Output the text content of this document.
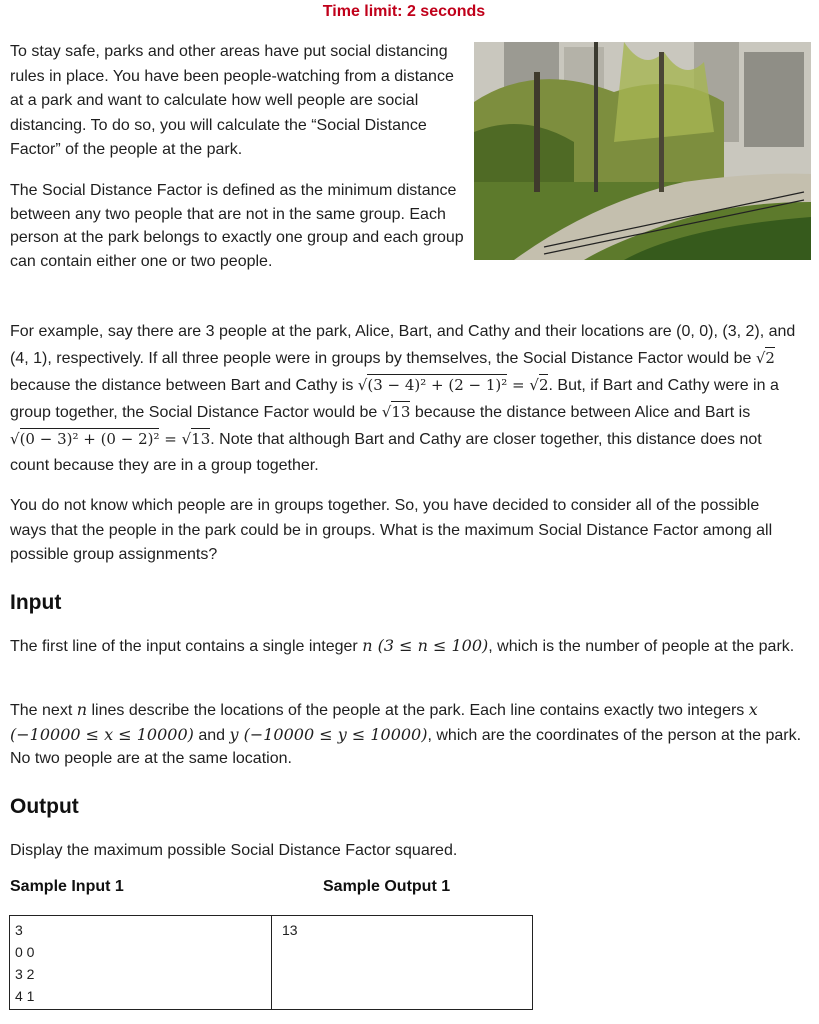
Time limit: 2 seconds

To stay safe, parks and other areas have put social distancing rules in place. You have been people-watching from a distance at a park and want to calculate how well people are social distancing. To do so, you will calculate the “Social Distance Factor” of the people at the park.

The Social Distance Factor is defined as the minimum distance between any two people that are not in the same group. Each person at the park belongs to exactly one group and each group can contain either one or two people.

For example, say there are 3 people at the park, Alice, Bart, and Cathy and their locations are (0, 0), (3, 2), and (4, 1), respectively. If all three people were in groups by themselves, the Social Distance Factor would be √2 because the distance between Bart and Cathy is √(3 − 4)² + (2 − 1)² = √2. But, if Bart and Cathy were in a group together, the Social Distance Factor would be √13 because the distance between Alice and Bart is √(0 − 3)² + (0 − 2)² = √13. Note that although Bart and Cathy are closer together, this distance does not count because they are in a group together.

You do not know which people are in groups together. So, you have decided to consider all of the possible ways that the people in the park could be in groups. What is the maximum Social Distance Factor among all possible group assignments?

Input
The first line of the input contains a single integer n (3 ≤ n ≤ 100), which is the number of people at the park.
The next n lines describe the locations of the people at the park. Each line contains exactly two integers x (−10000 ≤ x ≤ 10000) and y (−10000 ≤ y ≤ 10000), which are the coordinates of the person at the park. No two people are at the same location.
Output

Display the maximum possible Social Distance Factor squared.

Sample Input 1	Sample Output 1
3
0 0
3 2
4 1
13
